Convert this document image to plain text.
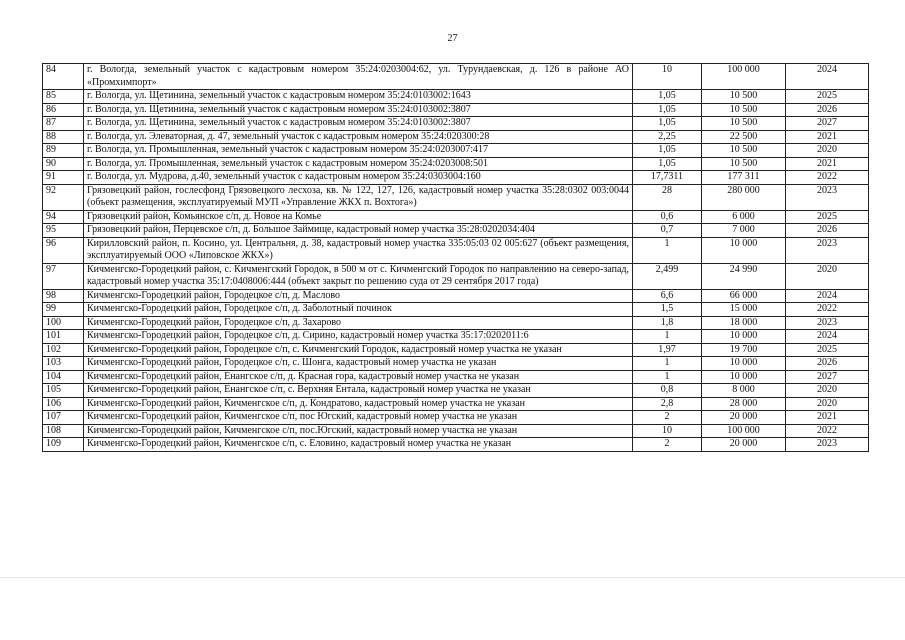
27
84	г. Вологда, земельный участок с кадастровым номером 35:24:0203004:62, ул. Турундаевская, д. 126 в районе АО «Промхимпорт»	10	100 000	2024
85	г. Вологда, ул. Щетинина, земельный участок с кадастровым номером 35:24:0103002:1643	1,05	10 500	2025
86	г. Вологда, ул. Щетинина, земельный участок с кадастровым номером 35:24:0103002:3807	1,05	10 500	2026
87	г. Вологда, ул. Щетинина, земельный участок с кадастровым номером 35:24:0103002:3807	1,05	10 500	2027
88	г. Вологда, ул. Элеваторная, д. 47, земельный участок с кадастровым номером 35:24:020300:28	2,25	22 500	2021
89	г. Вологда, ул. Промышленная, земельный участок с кадастровым номером 35:24:0203007:417	1,05	10 500	2020
90	г. Вологда, ул. Промышленная, земельный участок с кадастровым номером 35:24:0203008:501	1,05	10 500	2021
91	г. Вологда, ул. Мудрова, д.40, земельный участок с кадастровым номером 35:24:0303004:160	17,7311	177 311	2022
92	Грязовецкий район, гослесфонд Грязовецкого лесхоза, кв. № 122, 127, 126, кадастровый номер участка 35:28:0302 003:0044 (объект размещения, эксплуатируемый МУП «Управление ЖКХ п. Вохтога»)	28	280 000	2023
94	Грязовецкий район, Комьянское с/п, д. Новое на Комье	0,6	6 000	2025
95	Грязовецкий район, Перцевское с/п, д. Большое Займище, кадастровый номер участка 35:28:0202034:404	0,7	7 000	2026
96	Кирилловский район, п. Косино, ул. Центральня, д. 38, кадастровый номер участка 335:05:03 02 005:627 (объект размещения, эксплуатируемый ООО «Липовское ЖКХ»)	1	10 000	2023
97	Кичменгско-Городецкий район, с. Кичменгский Городок, в 500 м от с. Кичменгский Городок по направлению на северо-запад, кадастровый номер участка 35:17:0408006:444 (объект закрыт по решению суда от 29 сентября 2017 года)	2,499	24 990	2020
98	Кичменгско-Городецкий район, Городецкое с/п, д. Маслово	6,6	66 000	2024
99	Кичменгско-Городецкий район, Городецкое с/п, д. Заболотный починок	1,5	15 000	2022
100	Кичменгско-Городецкий район, Городецкое с/п, д. Захарово	1,8	18 000	2023
101	Кичменгско-Городецкий район, Городецкое с/п, д. Сирино, кадастровый номер участка 35:17:0202011:6	1	10 000	2024
102	Кичменгско-Городецкий район, Городецкое с/п, с. Кичменгский Городок, кадастровый номер участка не указан	1,97	19 700	2025
103	Кичменгско-Городецкий район, Городецкое с/п, с. Шонга, кадастровый номер участка не указан	1	10 000	2026
104	Кичменгско-Городецкий район, Енангское с/п, д. Красная гора, кадастровый номер участка не указан	1	10 000	2027
105	Кичменгско-Городецкий район, Енангское с/п, с. Верхняя Ентала, кадастровый номер участка не указан	0,8	8 000	2020
106	Кичменгско-Городецкий район, Кичменгское с/п, д. Кондратово, кадастровый номер участка не указан	2,8	28 000	2020
107	Кичменгско-Городецкий район, Кичменгское с/п, пос Югский, кадастровый номер участка не указан	2	20 000	2021
108	Кичменгско-Городецкий район, Кичменгское с/п, пос.Югский, кадастровый номер участка не указан	10	100 000	2022
109	Кичменгско-Городецкий район, Кичменгское с/п, с. Еловино, кадастровый номер участка не указан	2	20 000	2023
